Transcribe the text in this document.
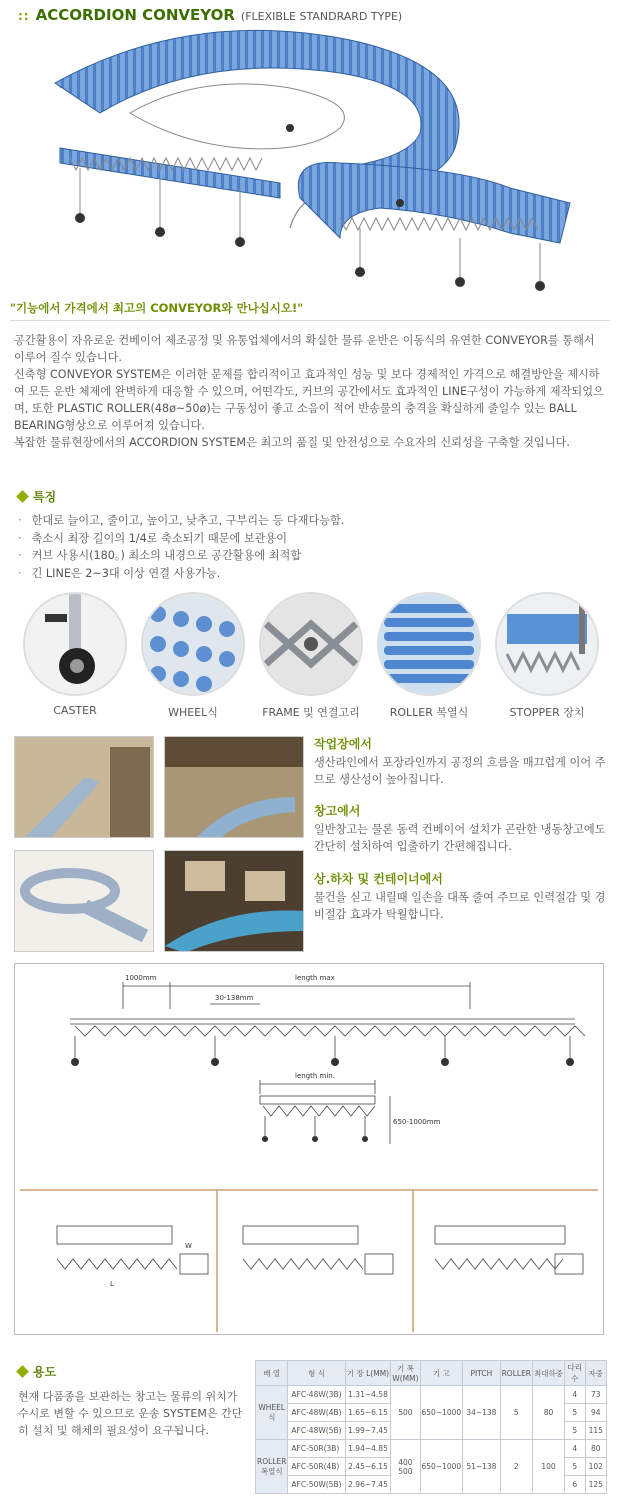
:: ACCORDION CONVEYOR (FLEXIBLE STANDRARD TYPE)
"기능에서 가격에서 최고의 CONVEYOR와 만나십시오!"

공간활용이 자유로운 컨베이어 제조공정 및 유통업체에서의 확실한 물류 운반은 이동식의 유연한 CONVEYOR를 통해서 이루어 질수 있습니다.

신축형 CONVEYOR SYSTEM은 이러한 문제를 합리적이고 효과적인 성능 및 보다 경제적인 가격으로 해결방안을 제시하여 모든 운반 체제에 완벽하게 대응할 수 있으며, 어떤각도, 커브의 공간에서도 효과적인 LINE구성이 가능하게 제작되었으며, 또한 PLASTIC ROLLER(48ø~50ø)는 구동성이 좋고 소음이 적어 반송물의 충격을 확실하게 줄일수 있는 BALL BEARING형상으로 이루어져 있습니다.

복잡한 물류현장에서의 ACCORDION SYSTEM은 최고의 품질 및 안전성으로 수요자의 신뢰성을 구축할 것입니다.

특징
· 한대로 늘이고, 줄이고, 높이고, 낮추고, 구부리는 등 다재다능함.
· 축소시 최장 길이의 1/4로 축소되기 때문에 보관용이
· 커브 사용시(180。) 최소의 내경으로 공간활용에 최적합
· 긴 LINE은 2~3대 이상 연결 사용가능.
CASTER	WHEEL식	FRAME 및 연결고리	ROLLER 복열식	STOPPER 장치
작업장에서
생산라인에서 포장라인까지 공정의 흐름을 매끄럽게 이어 주므로 생산성이 높아집니다.
창고에서
일반창고는 물론 동력 컨베이어 설치가 곤란한 냉동창고에도 간단히 설치하여 입출하기 간편해집니다.
상.하차 및 컨테이너에서
물건을 싣고 내릴때 일손을 대폭 줄여 주므로 인력절감 및 경비절감 효과가 탁월합니다.
1000mm	length max
30-138mm
length min.
650-1000mm
W
L
용도
현재 다품종을 보관하는 창고는 물류의 위치가 수시로 변할 수 있으므로 운송 SYSTEM은 간단히 설치 및 해체의 필요성이 요구됩니다.
배 열	형 식	기 장 L(MM)	기 폭 W(MM)	기 고	PITCH	ROLLER	최대하중	다리수	자중
WHEEL 식	AFC-48W(3B)	1.31~4.58	500	650~1000	34~138	5	80	4	73
	AFC-48W(4B)	1.65~6.15						5	94
	AFC-48W(5B)	1.99~7.45						5	115
ROLLER 복열식	AFC-50R(3B)	1.94~4.85	400 500	650~1000	51~138	2	100	4	80
	AFC-50R(4B)	2.45~6.15						5	102
	AFC-50W(5B)	2.96~7.45						6	125
